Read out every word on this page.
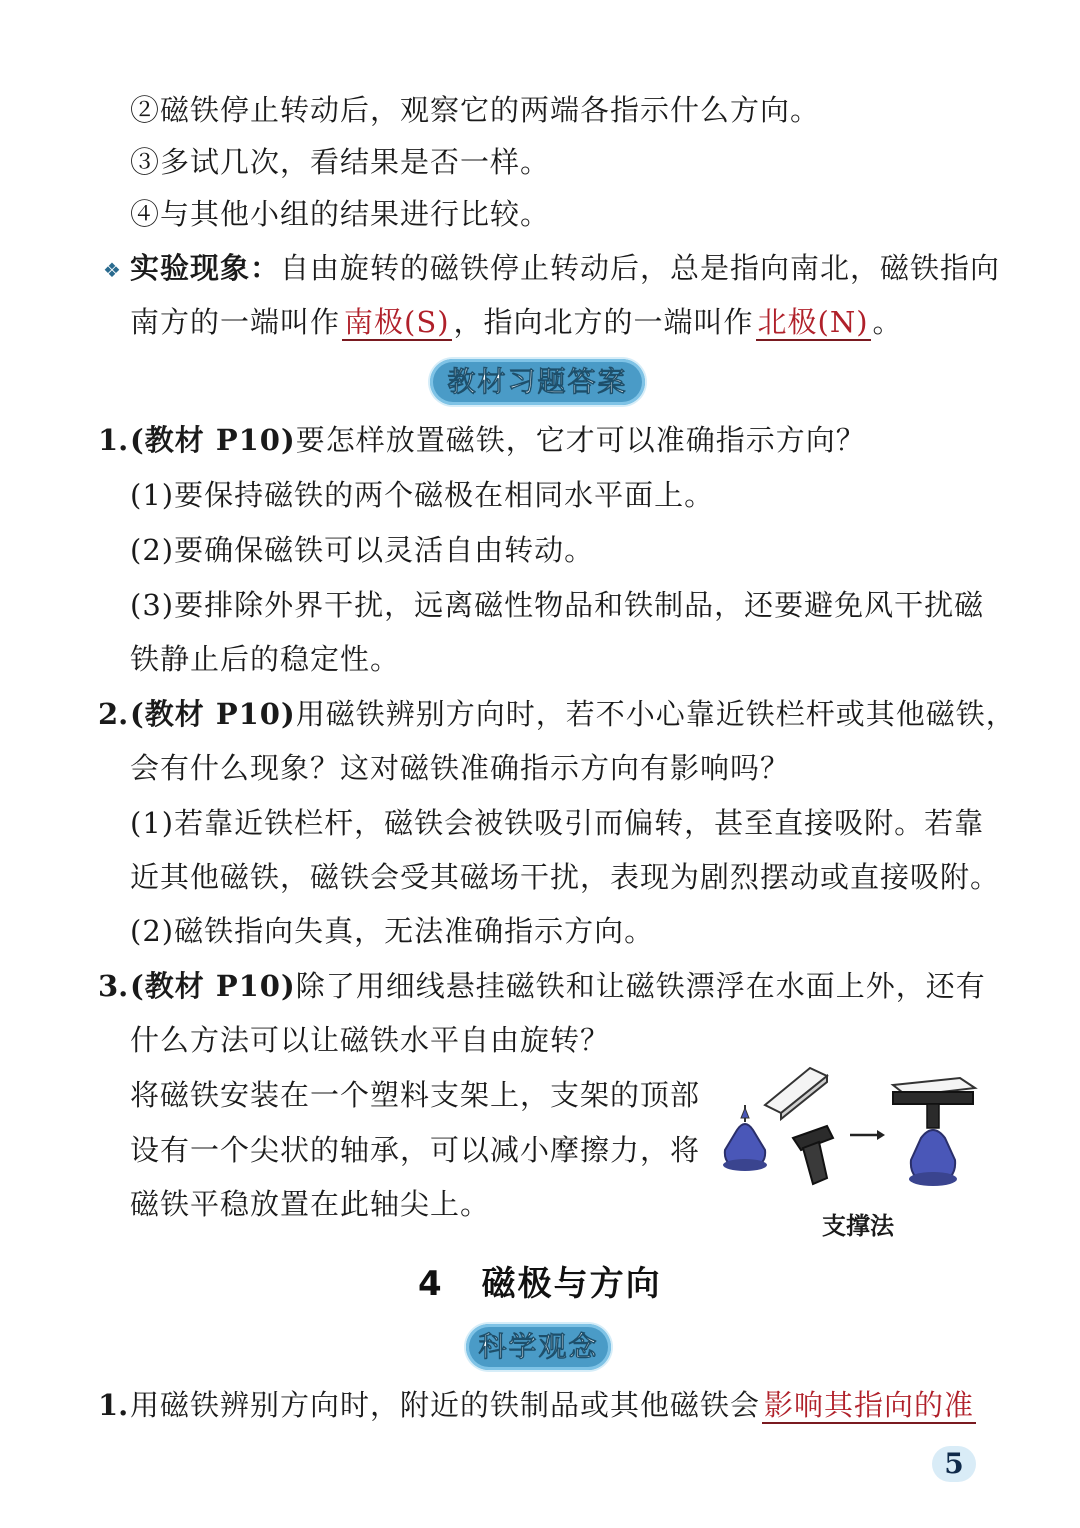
②磁铁停止转动后，观察它的两端各指示什么方向。
③多试几次，看结果是否一样。
④与其他小组的结果进行比较。
❖ 实验现象：自由旋转的磁铁停止转动后，总是指向南北，磁铁指向
南方的一端叫作 南极(S) ，指向北方的一端叫作 北极(N) 。
教材习题答案
1. (教材 P10)要怎样放置磁铁，它才可以准确指示方向？
(1)要保持磁铁的两个磁极在相同水平面上。
(2)要确保磁铁可以灵活自由转动。
(3)要排除外界干扰，远离磁性物品和铁制品，还要避免风干扰磁
铁静止后的稳定性。
2. (教材 P10)用磁铁辨别方向时，若不小心靠近铁栏杆或其他磁铁，
会有什么现象？这对磁铁准确指示方向有影响吗？
(1)若靠近铁栏杆，磁铁会被铁吸引而偏转，甚至直接吸附。若靠
近其他磁铁，磁铁会受其磁场干扰，表现为剧烈摆动或直接吸附。
(2)磁铁指向失真，无法准确指示方向。
3. (教材 P10)除了用细线悬挂磁铁和让磁铁漂浮在水面上外，还有
什么方法可以让磁铁水平自由旋转？
将磁铁安装在一个塑料支架上，支架的顶部
设有一个尖状的轴承，可以减小摩擦力，将
磁铁平稳放置在此轴尖上。
支撑法
4 磁极与方向
科学观念
1. 用磁铁辨别方向时，附近的铁制品或其他磁铁会 影响其指向的准
5
